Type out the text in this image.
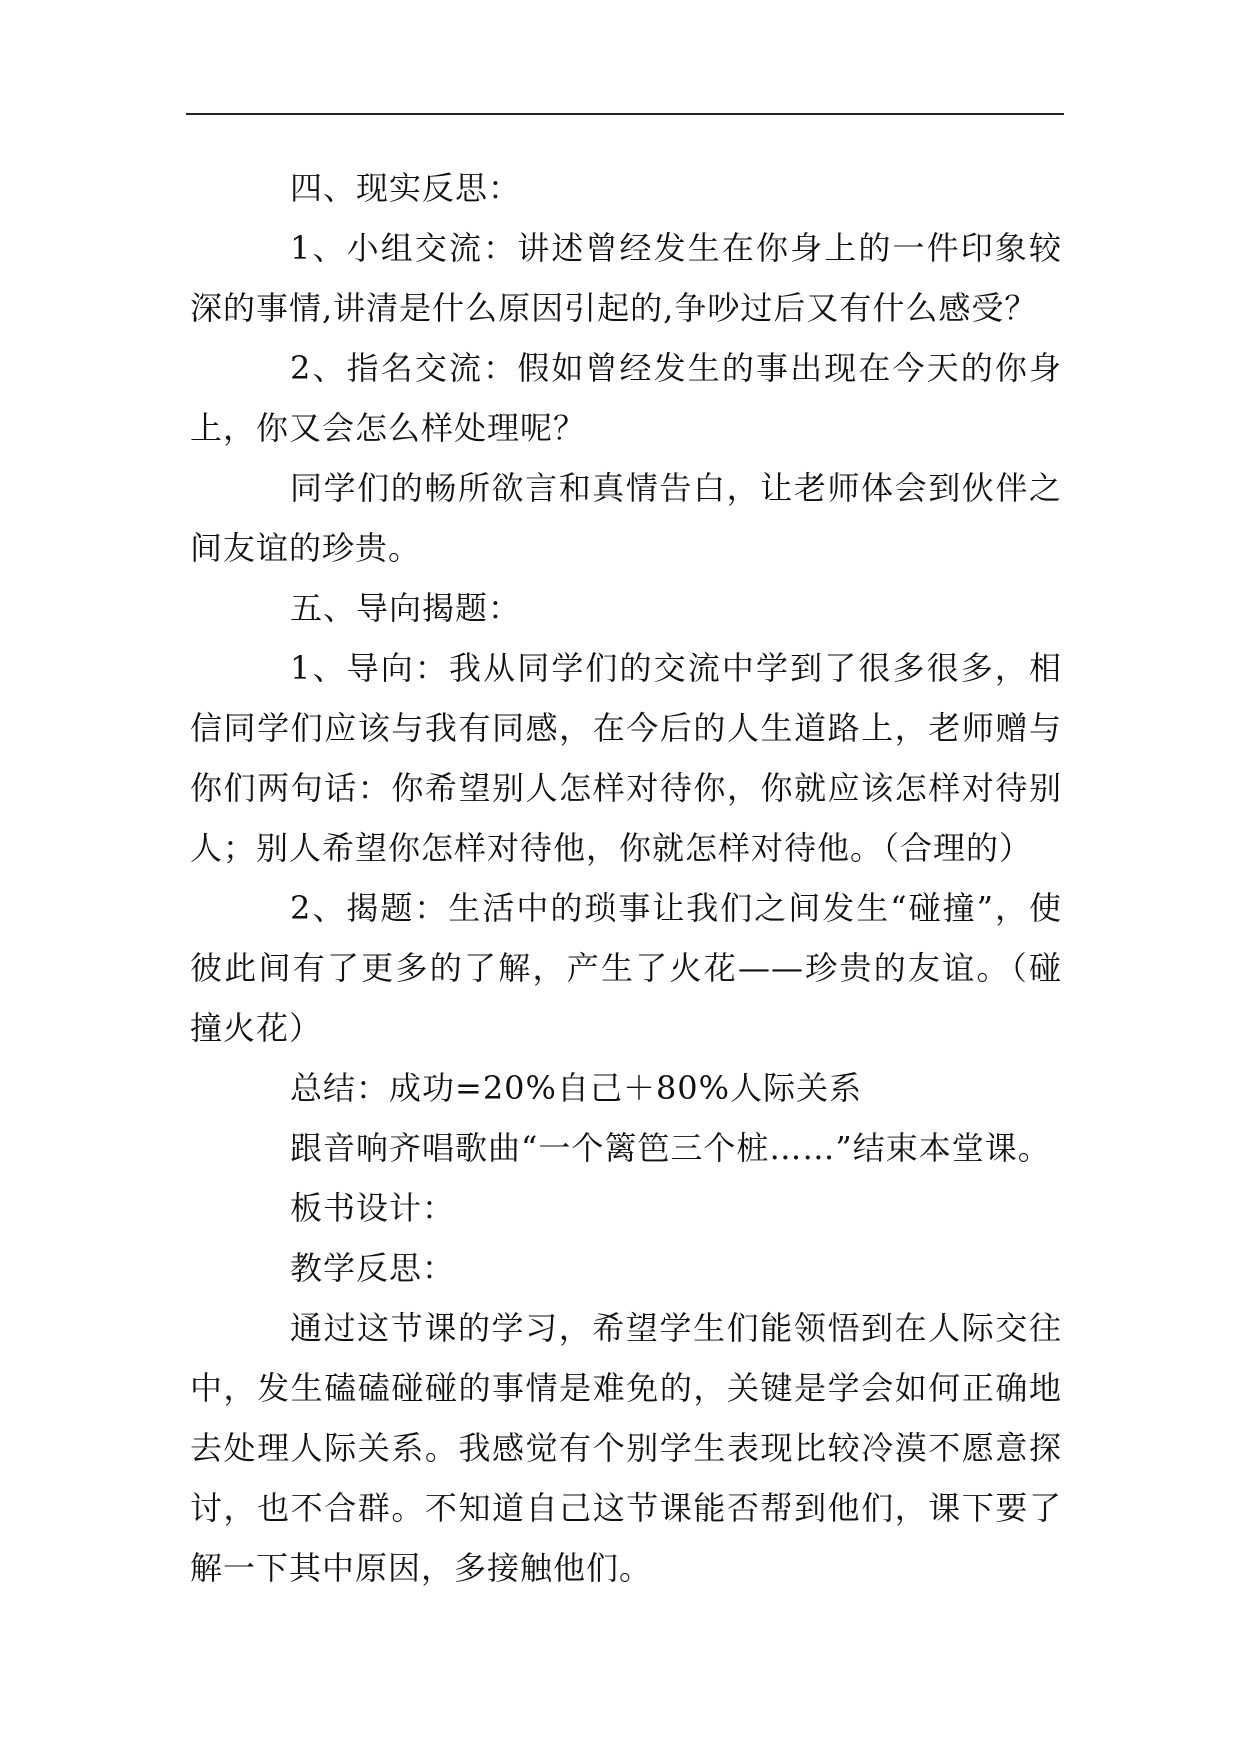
四、现实反思：

1、小组交流：讲述曾经发生在你身上的一件印象较深的事情,讲清是什么原因引起的,争吵过后又有什么感受？

2、指名交流：假如曾经发生的事出现在今天的你身上，你又会怎么样处理呢？

同学们的畅所欲言和真情告白，让老师体会到伙伴之间友谊的珍贵。

五、导向揭题：

1、导向：我从同学们的交流中学到了很多很多，相信同学们应该与我有同感，在今后的人生道路上，老师赠与你们两句话：你希望别人怎样对待你，你就应该怎样对待别人；别人希望你怎样对待他，你就怎样对待他。（合理的）

2、揭题：生活中的琐事让我们之间发生“碰撞”，使彼此间有了更多的了解，产生了火花——珍贵的友谊。（碰撞火花）

总结：成功=20%自己＋80%人际关系

跟音响齐唱歌曲“一个篱笆三个桩……”结束本堂课。

板书设计：

教学反思：

通过这节课的学习，希望学生们能领悟到在人际交往中，发生磕磕碰碰的事情是难免的，关键是学会如何正确地去处理人际关系。我感觉有个别学生表现比较冷漠不愿意探讨，也不合群。不知道自己这节课能否帮到他们，课下要了解一下其中原因，多接触他们。
